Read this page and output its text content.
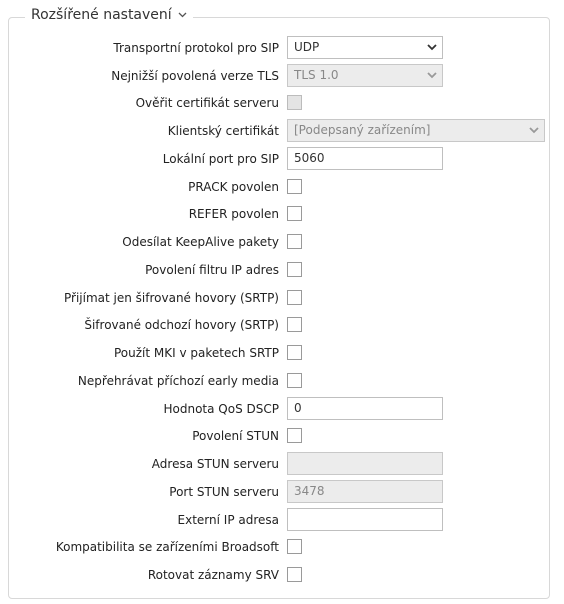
Rozšířené nastavení
Transportní protokol pro SIP	UDP
Nejnižší povolená verze TLS	TLS 1.0
Ověřit certifikát serveru
Klientský certifikát	[Podepsaný zařízením]
Lokální port pro SIP	5060
PRACK povolen
REFER povolen
Odesílat KeepAlive pakety
Povolení filtru IP adres
Přijímat jen šifrované hovory (SRTP)
Šifrované odchozí hovory (SRTP)
Použít MKI v paketech SRTP
Nepřehrávat příchozí early media
Hodnota QoS DSCP	0
Povolení STUN
Adresa STUN serveru
Port STUN serveru	3478
Externí IP adresa
Kompatibilita se zařízeními Broadsoft
Rotovat záznamy SRV
